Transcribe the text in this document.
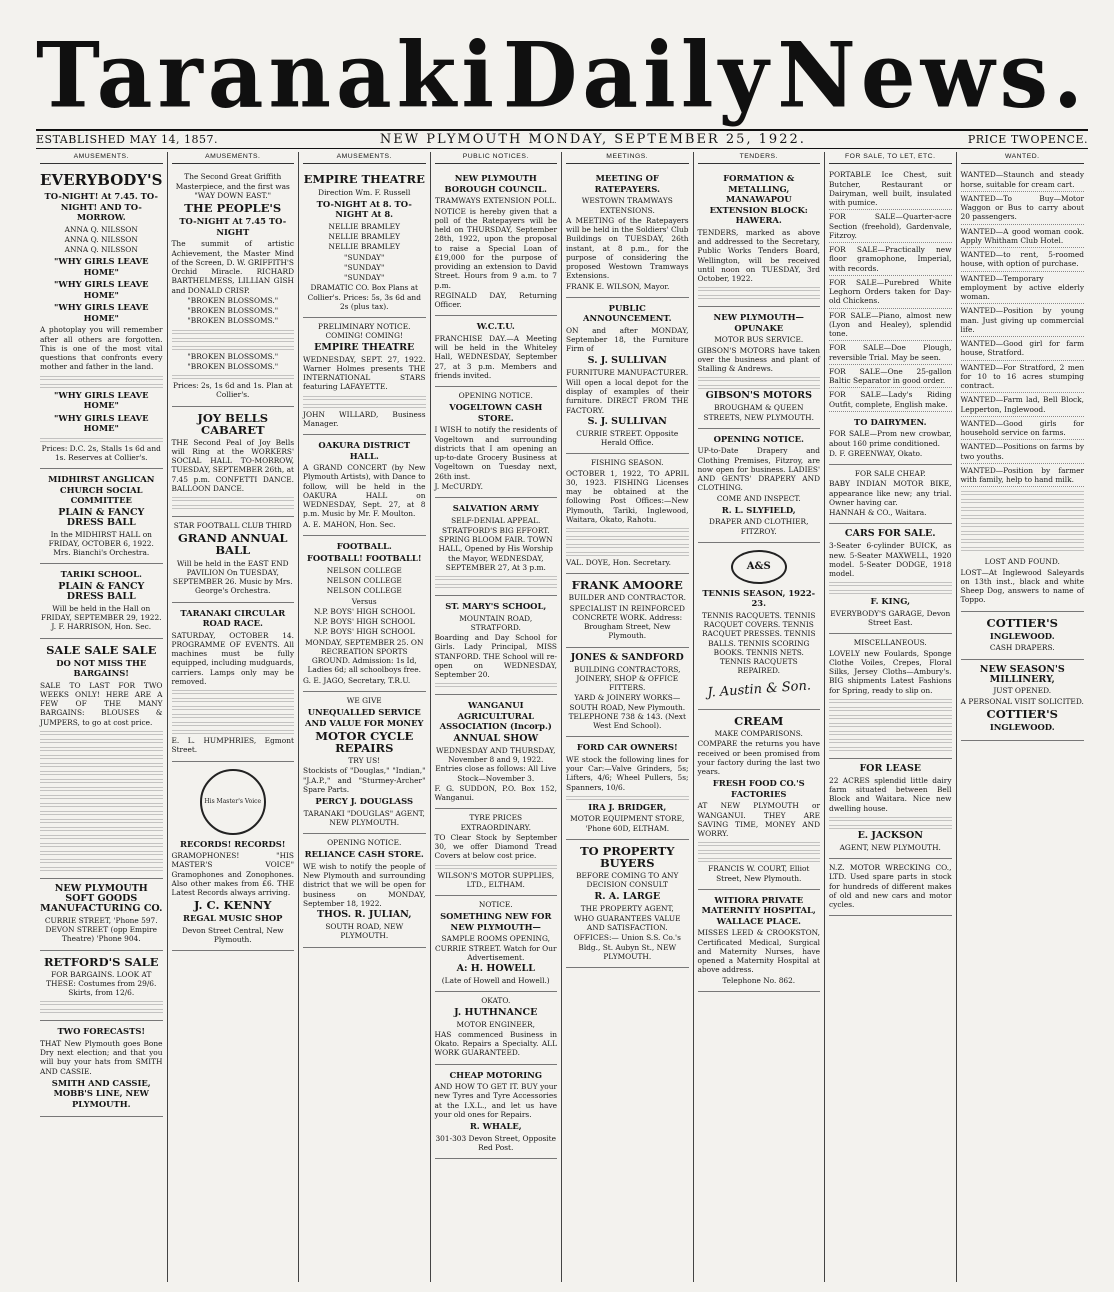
Taranaki Daily News.
ESTABLISHED MAY 14, 1857.	NEW PLYMOUTH MONDAY, SEPTEMBER 25, 1922.	PRICE TWOPENCE.
AMUSEMENTS.
EVERYBODY'S
TO-NIGHT! At 7.45. TO-NIGHT! AND TO-MORROW.

ANNA Q. NILSSON

ANNA Q. NILSSON

ANNA Q. NILSSON

"WHY GIRLS LEAVE HOME"
"WHY GIRLS LEAVE HOME"
"WHY GIRLS LEAVE HOME"

A photoplay you will remember after all others are forgotten. This is one of the most vital questions that confronts every mother and father in the land.

"WHY GIRLS LEAVE HOME"
"WHY GIRLS LEAVE HOME"

Prices: D.C. 2s, Stalls 1s 6d and 1s. Reserves at Collier's.

MIDHIRST ANGLICAN CHURCH SOCIAL COMMITTEE
PLAIN & FANCY DRESS BALL

In the MIDHIRST HALL on FRIDAY, OCTOBER 6, 1922. Mrs. Bianchi's Orchestra.

TARIKI SCHOOL.
PLAIN & FANCY DRESS BALL

Will be held in the Hall on FRIDAY, SEPTEMBER 29, 1922. J. F. HARRISON, Hon. Sec.

SALE SALE SALE
DO NOT MISS THE BARGAINS!

SALE TO LAST FOR TWO WEEKS ONLY! HERE ARE A FEW OF THE MANY BARGAINS: BLOUSES & JUMPERS, to go at cost price.

NEW PLYMOUTH SOFT GOODS MANUFACTURING CO.

CURRIE STREET, 'Phone 597. DEVON STREET (opp Empire Theatre) 'Phone 904.

RETFORD'S SALE

FOR BARGAINS. LOOK AT THESE: Costumes from 29/6. Skirts, from 12/6.

TWO FORECASTS!

THAT New Plymouth goes Bone Dry next election; and that you will buy your hats from SMITH AND CASSIE.

SMITH AND CASSIE, MOBB'S LINE, NEW PLYMOUTH.
AMUSEMENTS.

The Second Great Griffith Masterpiece, and the first was "WAY DOWN EAST."

THE PEOPLE'S
TO-NIGHT At 7.45 TO-NIGHT

The summit of artistic Achievement, the Master Mind of the Screen, D. W. GRIFFITH'S Orchid Miracle. RICHARD BARTHELMESS, LILLIAN GISH and DONALD CRISP.

"BROKEN BLOSSOMS."

"BROKEN BLOSSOMS."

"BROKEN BLOSSOMS."

"BROKEN BLOSSOMS."

"BROKEN BLOSSOMS."

Prices: 2s, 1s 6d and 1s. Plan at Collier's.

JOY BELLS CABARET

THE Second Peal of Joy Bells will Ring at the WORKERS' SOCIAL HALL TO-MORROW, TUESDAY, SEPTEMBER 26th, at 7.45 p.m. CONFETTI DANCE. BALLOON DANCE.

STAR FOOTBALL CLUB THIRD

GRAND ANNUAL BALL

Will be held in the EAST END PAVILION On TUESDAY, SEPTEMBER 26. Music by Mrs. George's Orchestra.

TARANAKI CIRCULAR ROAD RACE.

SATURDAY, OCTOBER 14. PROGRAMME OF EVENTS. All machines must be fully equipped, including mudguards, carriers. Lamps only may be removed.

E. L. HUMPHRIES, Egmont Street.

His Master's Voice
RECORDS! RECORDS!

GRAMOPHONES! "HIS MASTER'S VOICE" Gramophones and Zonophones. Also other makes from £6. THE Latest Records always arriving.

J. C. KENNY
REGAL MUSIC SHOP

Devon Street Central, New Plymouth.

AMUSEMENTS.
EMPIRE THEATRE

Direction Wm. F. Russell

TO-NIGHT At 8. TO-NIGHT At 8.

NELLIE BRAMLEY

NELLIE BRAMLEY

NELLIE BRAMLEY

"SUNDAY"

"SUNDAY"

"SUNDAY"

DRAMATIC CO. Box Plans at Collier's. Prices: 5s, 3s 6d and 2s (plus tax).

PRELIMINARY NOTICE. COMING! COMING!

EMPIRE THEATRE

WEDNESDAY, SEPT. 27, 1922. Warner Holmes presents THE INTERNATIONAL STARS featuring LAFAYETTE.

JOHN WILLARD, Business Manager.

OAKURA DISTRICT HALL.

A GRAND CONCERT (by New Plymouth Artists), with Dance to follow, will be held in the OAKURA HALL on WEDNESDAY, Sept. 27, at 8 p.m. Music by Mr. F. Moulton.

A. E. MAHON, Hon. Sec.

FOOTBALL.
FOOTBALL! FOOTBALL!

NELSON COLLEGE

NELSON COLLEGE

NELSON COLLEGE

Versus

N.P. BOYS' HIGH SCHOOL

N.P. BOYS' HIGH SCHOOL

N.P. BOYS' HIGH SCHOOL

MONDAY, SEPTEMBER 25. ON RECREATION SPORTS GROUND. Admission: 1s Id, Ladies 6d; all schoolboys free.

G. E. JAGO, Secretary, T.R.U.

WE GIVE

UNEQUALLED SERVICE AND VALUE FOR MONEY
MOTOR CYCLE REPAIRS

TRY US!

Stockists of "Douglas," "Indian," "J.A.P.," and "Sturmey-Archer" Spare Parts.

PERCY J. DOUGLASS

TARANAKI "DOUGLAS" AGENT, NEW PLYMOUTH.

OPENING NOTICE.

RELIANCE CASH STORE.

WE wish to notify the people of New Plymouth and surrounding district that we will be open for business on MONDAY, September 18, 1922.

THOS. R. JULIAN,

SOUTH ROAD, NEW PLYMOUTH.

PUBLIC NOTICES.
NEW PLYMOUTH BOROUGH COUNCIL.

TRAMWAYS EXTENSION POLL.

NOTICE is hereby given that a poll of the Ratepayers will be held on THURSDAY, September 28th, 1922, upon the proposal to raise a Special Loan of £19,000 for the purpose of providing an extension to David Street. Hours from 9 a.m. to 7 p.m.

REGINALD DAY, Returning Officer.

W.C.T.U.

FRANCHISE DAY.—A Meeting will be held in the Whiteley Hall, WEDNESDAY, September 27, at 3 p.m. Members and friends invited.

OPENING NOTICE.

VOGELTOWN CASH STORE.

I WISH to notify the residents of Vogeltown and surrounding districts that I am opening an up-to-date Grocery Business at Vogeltown on Tuesday next, 26th inst.

J. McCURDY.

SALVATION ARMY

SELF-DENIAL APPEAL.

STRATFORD'S BIG EFFORT. SPRING BLOOM FAIR. TOWN HALL, Opened by His Worship the Mayor, WEDNESDAY, SEPTEMBER 27, At 3 p.m.

ST. MARY'S SCHOOL,

MOUNTAIN ROAD, STRATFORD.

Boarding and Day School for Girls. Lady Principal, MISS STANFORD. THE School will re-open on WEDNESDAY, September 20.

WANGANUI AGRICULTURAL ASSOCIATION (Incorp.)
ANNUAL SHOW

WEDNESDAY AND THURSDAY, November 8 and 9, 1922. Entries close as follows: All Live Stock—November 3.

F. G. SUDDON, P.O. Box 152, Wanganui.

TYRE PRICES EXTRAORDINARY.

TO Clear Stock by September 30, we offer Diamond Tread Covers at below cost price.

WILSON'S MOTOR SUPPLIES, LTD., ELTHAM.

NOTICE.

SOMETHING NEW FOR NEW PLYMOUTH—

SAMPLE ROOMS OPENING, CURRIE STREET. Watch for Our Advertisement.

A: H. HOWELL

(Late of Howell and Howell.)

OKATO.

J. HUTHNANCE

MOTOR ENGINEER,

HAS commenced Business in Okato. Repairs a Specialty. ALL WORK GUARANTEED.

CHEAP MOTORING

AND HOW TO GET IT. BUY your new Tyres and Tyre Accessories at the I.X.L., and let us have your old ones for Repairs.

R. WHALE,

301-303 Devon Street, Opposite Red Post.

MEETINGS.
MEETING OF RATEPAYERS.

WESTOWN TRAMWAYS EXTENSIONS.

A MEETING of the Ratepayers will be held in the Soldiers' Club Buildings on TUESDAY, 26th instant, at 8 p.m., for the purpose of considering the proposed Westown Tramways Extensions.

FRANK E. WILSON, Mayor.

PUBLIC ANNOUNCEMENT.

ON and after MONDAY, September 18, the Furniture Firm of

S. J. SULLIVAN

FURNITURE MANUFACTURER.

Will open a local depot for the display of examples of their furniture. DIRECT FROM THE FACTORY.

S. J. SULLIVAN

CURRIE STREET. Opposite Herald Office.

FISHING SEASON.

OCTOBER 1, 1922, TO APRIL 30, 1923. FISHING Licenses may be obtained at the following Post Offices:—New Plymouth, Tariki, Inglewood, Waitara, Okato, Rahotu.

VAL. DOYE, Hon. Secretary.

FRANK AMOORE

BUILDER AND CONTRACTOR.

SPECIALIST IN REINFORCED CONCRETE WORK. Address: Brougham Street, New Plymouth.

JONES & SANDFORD

BUILDING CONTRACTORS, JOINERY, SHOP & OFFICE FITTERS.

YARD & JOINERY WORKS—SOUTH ROAD, New Plymouth. TELEPHONE 738 & 143. (Next West End School).

FORD CAR OWNERS!

WE stock the following lines for your Car:—Valve Grinders, 5s; Lifters, 4/6; Wheel Pullers, 5s; Spanners, 10/6.

IRA J. BRIDGER,

MOTOR EQUIPMENT STORE, 'Phone 60D, ELTHAM.

TO PROPERTY BUYERS

BEFORE COMING TO ANY DECISION CONSULT

R. A. LARGE

THE PROPERTY AGENT,

WHO GUARANTEES VALUE AND SATISFACTION.

OFFICES:— Union S.S. Co.'s Bldg., St. Aubyn St., NEW PLYMOUTH.

TENDERS.
FORMATION & METALLING, MANAWAPOU EXTENSION BLOCK: HAWERA.

TENDERS, marked as above and addressed to the Secretary, Public Works Tenders Board, Wellington, will be received until noon on TUESDAY, 3rd October, 1922.

NEW PLYMOUTH—OPUNAKE

MOTOR BUS SERVICE.

GIBSON'S MOTORS have taken over the business and plant of Stalling & Andrews.

GIBSON'S MOTORS

BROUGHAM & QUEEN STREETS, NEW PLYMOUTH.

OPENING NOTICE.

UP-to-Date Drapery and Clothing Premises, Fitzroy, are now open for business. LADIES' AND GENTS' DRAPERY AND CLOTHING.

COME AND INSPECT.

R. L. SLYFIELD,

DRAPER AND CLOTHIER, FITZROY.

A&S
TENNIS SEASON, 1922-23.

TENNIS RACQUETS. TENNIS RACQUET COVERS. TENNIS RACQUET PRESSES. TENNIS BALLS. TENNIS SCORING BOOKS. TENNIS NETS. TENNIS RACQUETS REPAIRED.

J. Austin & Son.
CREAM

MAKE COMPARISONS.

COMPARE the returns you have received or been promised from your factory during the last two years.

FRESH FOOD CO.'S FACTORIES

AT NEW PLYMOUTH or WANGANUI. THEY ARE SAVING TIME, MONEY AND WORRY.

FRANCIS W. COURT, Elliot Street, New Plymouth.

WITIORA PRIVATE MATERNITY HOSPITAL, WALLACE PLACE.

MISSES LEED & CROOKSTON, Certificated Medical, Surgical and Maternity Nurses, have opened a Maternity Hospital at above address.

Telephone No. 862.

FOR SALE, TO LET, ETC.

PORTABLE Ice Chest, suit Butcher, Restaurant or Dairyman, well built, insulated with pumice.

FOR SALE—Quarter-acre Section (freehold), Gardenvale, Fitzroy.

FOR SALE—Practically new floor gramophone, Imperial, with records.

FOR SALE—Purebred White Leghorn Orders taken for Day-old Chickens.

FOR SALE—Piano, almost new (Lyon and Healey), splendid tone.

FOR SALE—Doe Plough, reversible Trial. May be seen.

FOR SALE—One 25-gallon Baltic Separator in good order.

FOR SALE—Lady's Riding Outfit, complete, English make.

TO DAIRYMEN.

FOR SALE—Prom new crowbar, about 160 prime conditioned.

D. F. GREENWAY, Okato.

FOR SALE CHEAP.

BABY INDIAN MOTOR BIKE, appearance like new; any trial. Owner having car.

HANNAH & CO., Waitara.

CARS FOR SALE.

3-Seater 6-cylinder BUICK, as new. 5-Seater MAXWELL, 1920 model. 5-Seater DODGE, 1918 model.

F. KING,

EVERYBODY'S GARAGE, Devon Street East.

MISCELLANEOUS.

LOVELY new Foulards, Sponge Clothe Voiles, Crepes, Floral Silks, Jersey Cloths—Ambury's. BIG shipments Latest Fashions for Spring, ready to slip on.

FOR LEASE

22 ACRES splendid little dairy farm situated between Bell Block and Waitara. Nice new dwelling house.

E. JACKSON

AGENT, NEW PLYMOUTH.

N.Z. MOTOR WRECKING CO., LTD. Used spare parts in stock for hundreds of different makes of old and new cars and motor cycles.

WANTED.

WANTED—Staunch and steady horse, suitable for cream cart.

WANTED—To Buy—Motor Waggon or Bus to carry about 20 passengers.

WANTED—A good woman cook. Apply Whitham Club Hotel.

WANTED—to rent, 5-roomed house, with option of purchase.

WANTED—Temporary employment by active elderly woman.

WANTED—Position by young man. Just giving up commercial life.

WANTED—Good girl for farm house, Stratford.

WANTED—For Stratford, 2 men for 10 to 16 acres stumping contract.

WANTED—Farm lad, Bell Block, Lepperton, Inglewood.

WANTED—Good girls for household service on farms.

WANTED—Positions on farms by two youths.

WANTED—Position by farmer with family, help to hand milk.

LOST AND FOUND.

LOST—At Inglewood Saleyards on 13th inst., black and white Sheep Dog, answers to name of Toppo.

COTTIER'S
INGLEWOOD.

CASH DRAPERS.

NEW SEASON'S MILLINERY,

JUST OPENED.

A PERSONAL VISIT SOLICITED.

COTTIER'S
INGLEWOOD.
